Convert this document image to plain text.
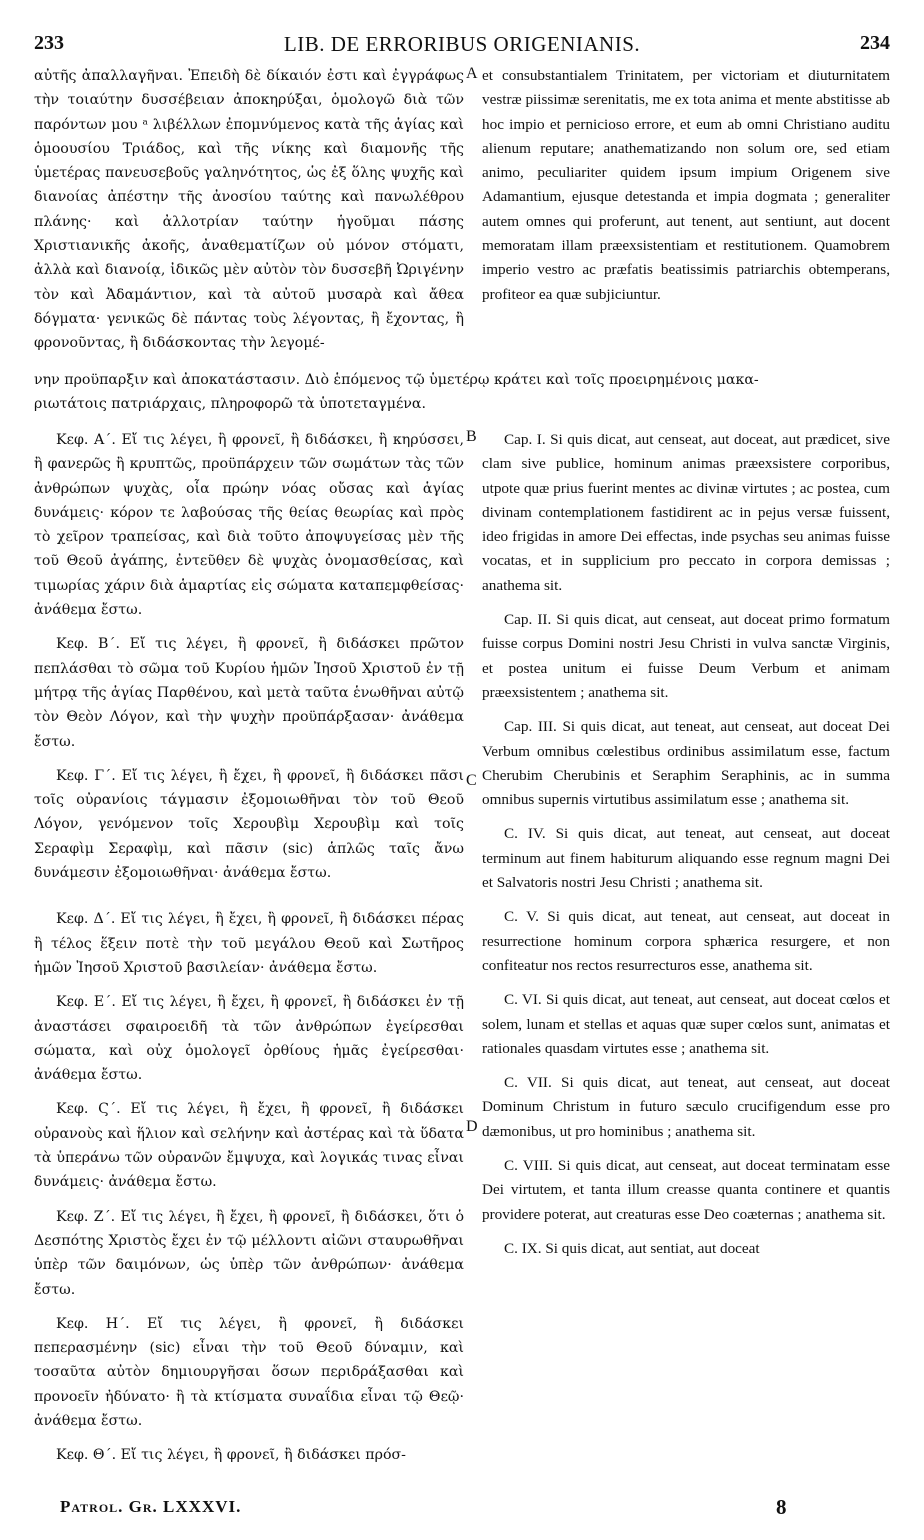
233	LIB. DE ERRORIBUS ORIGENIANIS.	234
A
B
C
D
αὐτῆς ἀπαλλαγῆναι. Ἐπειδὴ δὲ δίκαιόν ἐστι καὶ ἐγγράφως τὴν τοιαύτην δυσσέβειαν ἀποκηρύξαι, ὁμολογῶ διὰ τῶν παρόντων μου ᵃ λιβέλλων ἐπομνύμενος κατὰ τῆς ἁγίας καὶ ὁμοουσίου Τριάδος, καὶ τῆς νίκης καὶ διαμονῆς τῆς ὑμετέρας πανευσεβοῦς γαληνότητος, ὡς ἐξ ὅλης ψυχῆς καὶ διανοίας ἀπέστην τῆς ἀνοσίου ταύτης καὶ πανωλέθρου πλάνης· καὶ ἀλλοτρίαν ταύτην ἡγοῦμαι πάσης Χριστιανικῆς ἀκοῆς, ἀναθεματίζων οὐ μόνον στόματι, ἀλλὰ καὶ διανοίᾳ, ἰδικῶς μὲν αὐτὸν τὸν δυσσεβῆ Ὠριγένην τὸν καὶ Ἀδαμάντιον, καὶ τὰ αὐτοῦ μυσαρὰ καὶ ἄθεα δόγματα· γενικῶς δὲ πάντας τοὺς λέγοντας, ἢ ἔχοντας, ἢ φρονοῦντας, ἢ διδάσκοντας τὴν λεγομέ-
et consubstantialem Trinitatem, per victoriam et diuturnitatem vestræ piissimæ serenitatis, me ex tota anima et mente abstitisse ab hoc impio et pernicioso errore, et eum ab omni Christiano auditu alienum reputare; anathematizando non solum ore, sed etiam animo, peculiariter quidem ipsum impium Origenem sive Adamantium, ejusque detestanda et impia dogmata ; generaliter autem omnes qui proferunt, aut tenent, aut sentiunt, aut docent memoratam illam præexsistentiam et restitutionem. Quamobrem imperio vestro ac præfatis beatissimis patriarchis obtemperans, profiteor ea quæ subjiciuntur.
νην προϋπαρξιν καὶ ἀποκατάστασιν. Διὸ ἑπόμενος τῷ ὑμετέρῳ κράτει καὶ τοῖς προειρημένοις μακα-
ριωτάτοις πατριάρχαις, πληροφορῶ τὰ ὑποτεταγμένα.
Κεφ. Α΄. Εἴ τις λέγει, ἢ φρονεῖ, ἢ διδάσκει, ἢ κηρύσσει, ἢ φανερῶς ἢ κρυπτῶς, προϋπάρχειν τῶν σωμάτων τὰς τῶν ἀνθρώπων ψυχὰς, οἷα πρώην νόας οὔσας καὶ ἁγίας δυνάμεις· κόρον τε λαβούσας τῆς θείας θεωρίας καὶ πρὸς τὸ χεῖρον τραπείσας, καὶ διὰ τοῦτο ἀποψυγείσας μὲν τῆς τοῦ Θεοῦ ἀγάπης, ἐντεῦθεν δὲ ψυχὰς ὀνομασθείσας, καὶ τιμωρίας χάριν διὰ ἁμαρτίας εἰς σώματα καταπεμφθείσας· ἀνάθεμα ἔστω.
Κεφ. Β΄. Εἴ τις λέγει, ἢ φρονεῖ, ἢ διδάσκει πρῶτον πεπλάσθαι τὸ σῶμα τοῦ Κυρίου ἡμῶν Ἰησοῦ Χριστοῦ ἐν τῇ μήτρᾳ τῆς ἁγίας Παρθένου, καὶ μετὰ ταῦτα ἑνωθῆναι αὐτῷ τὸν Θεὸν Λόγον, καὶ τὴν ψυχὴν προϋπάρξασαν· ἀνάθεμα ἔστω.
Κεφ. Γ΄. Εἴ τις λέγει, ἢ ἔχει, ἢ φρονεῖ, ἢ διδάσκει πᾶσι τοῖς οὐρανίοις τάγμασιν ἐξομοιωθῆναι τὸν τοῦ Θεοῦ Λόγον, γενόμενον τοῖς Χερουβὶμ Χερουβὶμ καὶ τοῖς Σεραφὶμ Σεραφὶμ, καὶ πᾶσιν (sic) ἁπλῶς ταῖς ἄνω δυνάμεσιν ἐξομοιωθῆναι· ἀνάθεμα ἔστω.
Κεφ. Δ΄. Εἴ τις λέγει, ἢ ἔχει, ἢ φρονεῖ, ἢ διδάσκει πέρας ἢ τέλος ἕξειν ποτὲ τὴν τοῦ μεγάλου Θεοῦ καὶ Σωτῆρος ἡμῶν Ἰησοῦ Χριστοῦ βασιλείαν· ἀνάθεμα ἔστω.
Κεφ. Ε΄. Εἴ τις λέγει, ἢ ἔχει, ἢ φρονεῖ, ἢ διδάσκει ἐν τῇ ἀναστάσει σφαιροειδῆ τὰ τῶν ἀνθρώπων ἐγείρεσθαι σώματα, καὶ οὐχ ὁμολογεῖ ὀρθίους ἡμᾶς ἐγείρεσθαι· ἀνάθεμα ἔστω.
Κεφ. Ϛ΄. Εἴ τις λέγει, ἢ ἔχει, ἢ φρονεῖ, ἢ διδάσκει οὐρανοὺς καὶ ἥλιον καὶ σελήνην καὶ ἀστέρας καὶ τὰ ὕδατα τὰ ὑπεράνω τῶν οὐρανῶν ἔμψυχα, καὶ λογικάς τινας εἶναι δυνάμεις· ἀνάθεμα ἔστω.
Κεφ. Ζ΄. Εἴ τις λέγει, ἢ ἔχει, ἢ φρονεῖ, ἢ διδάσκει, ὅτι ὁ Δεσπότης Χριστὸς ἔχει ἐν τῷ μέλλοντι αἰῶνι σταυρωθῆναι ὑπὲρ τῶν δαιμόνων, ὡς ὑπὲρ τῶν ἀνθρώπων· ἀνάθεμα ἔστω.
Κεφ. Η΄. Εἴ τις λέγει, ἢ φρονεῖ, ἢ διδάσκει πεπερασμένην (sic) εἶναι τὴν τοῦ Θεοῦ δύναμιν, καὶ τοσαῦτα αὐτὸν δημιουργῆσαι ὅσων περιδράξασθαι καὶ προνοεῖν ἠδύνατο· ἢ τὰ κτίσματα συναΐδια εἶναι τῷ Θεῷ· ἀνάθεμα ἔστω.
Κεφ. Θ΄. Εἴ τις λέγει, ἢ φρονεῖ, ἢ διδάσκει πρόσ-
Cap. I. Si quis dicat, aut censeat, aut doceat, aut prædicet, sive clam sive publice, hominum animas præexsistere corporibus, utpote quæ prius fuerint mentes ac divinæ virtutes ; ac postea, cum divinam contemplationem fastidirent ac in pejus versæ fuissent, ideo frigidas in amore Dei effectas, inde psychas seu animas fuisse vocatas, et in supplicium pro peccato in corpora demissas ; anathema sit.
Cap. II. Si quis dicat, aut censeat, aut doceat primo formatum fuisse corpus Domini nostri Jesu Christi in vulva sanctæ Virginis, et postea unitum ei fuisse Deum Verbum et animam præexsistentem ; anathema sit.
Cap. III. Si quis dicat, aut teneat, aut censeat, aut doceat Dei Verbum omnibus cœlestibus ordinibus assimilatum esse, factum Cherubim Cherubinis et Seraphim Seraphinis, ac in summa omnibus supernis virtutibus assimilatum esse ; anathema sit.
C. IV. Si quis dicat, aut teneat, aut censeat, aut doceat terminum aut finem habiturum aliquando esse regnum magni Dei et Salvatoris nostri Jesu Christi ; anathema sit.
C. V. Si quis dicat, aut teneat, aut censeat, aut doceat in resurrectione hominum corpora sphærica resurgere, et non confiteatur nos rectos resurrecturos esse, anathema sit.
C. VI. Si quis dicat, aut teneat, aut censeat, aut doceat cœlos et solem, lunam et stellas et aquas quæ super cœlos sunt, animatas et rationales quasdam virtutes esse ; anathema sit.
C. VII. Si quis dicat, aut teneat, aut censeat, aut doceat Dominum Christum in futuro sæculo crucifigendum esse pro dæmonibus, ut pro hominibus ; anathema sit.
C. VIII. Si quis dicat, aut censeat, aut doceat terminatam esse Dei virtutem, et tanta illum creasse quanta continere et quantis providere poterat, aut creaturas esse Deo coæternas ; anathema sit.
C. IX. Si quis dicat, aut sentiat, aut doceat
Patrol. Gr. LXXXVI.	8
